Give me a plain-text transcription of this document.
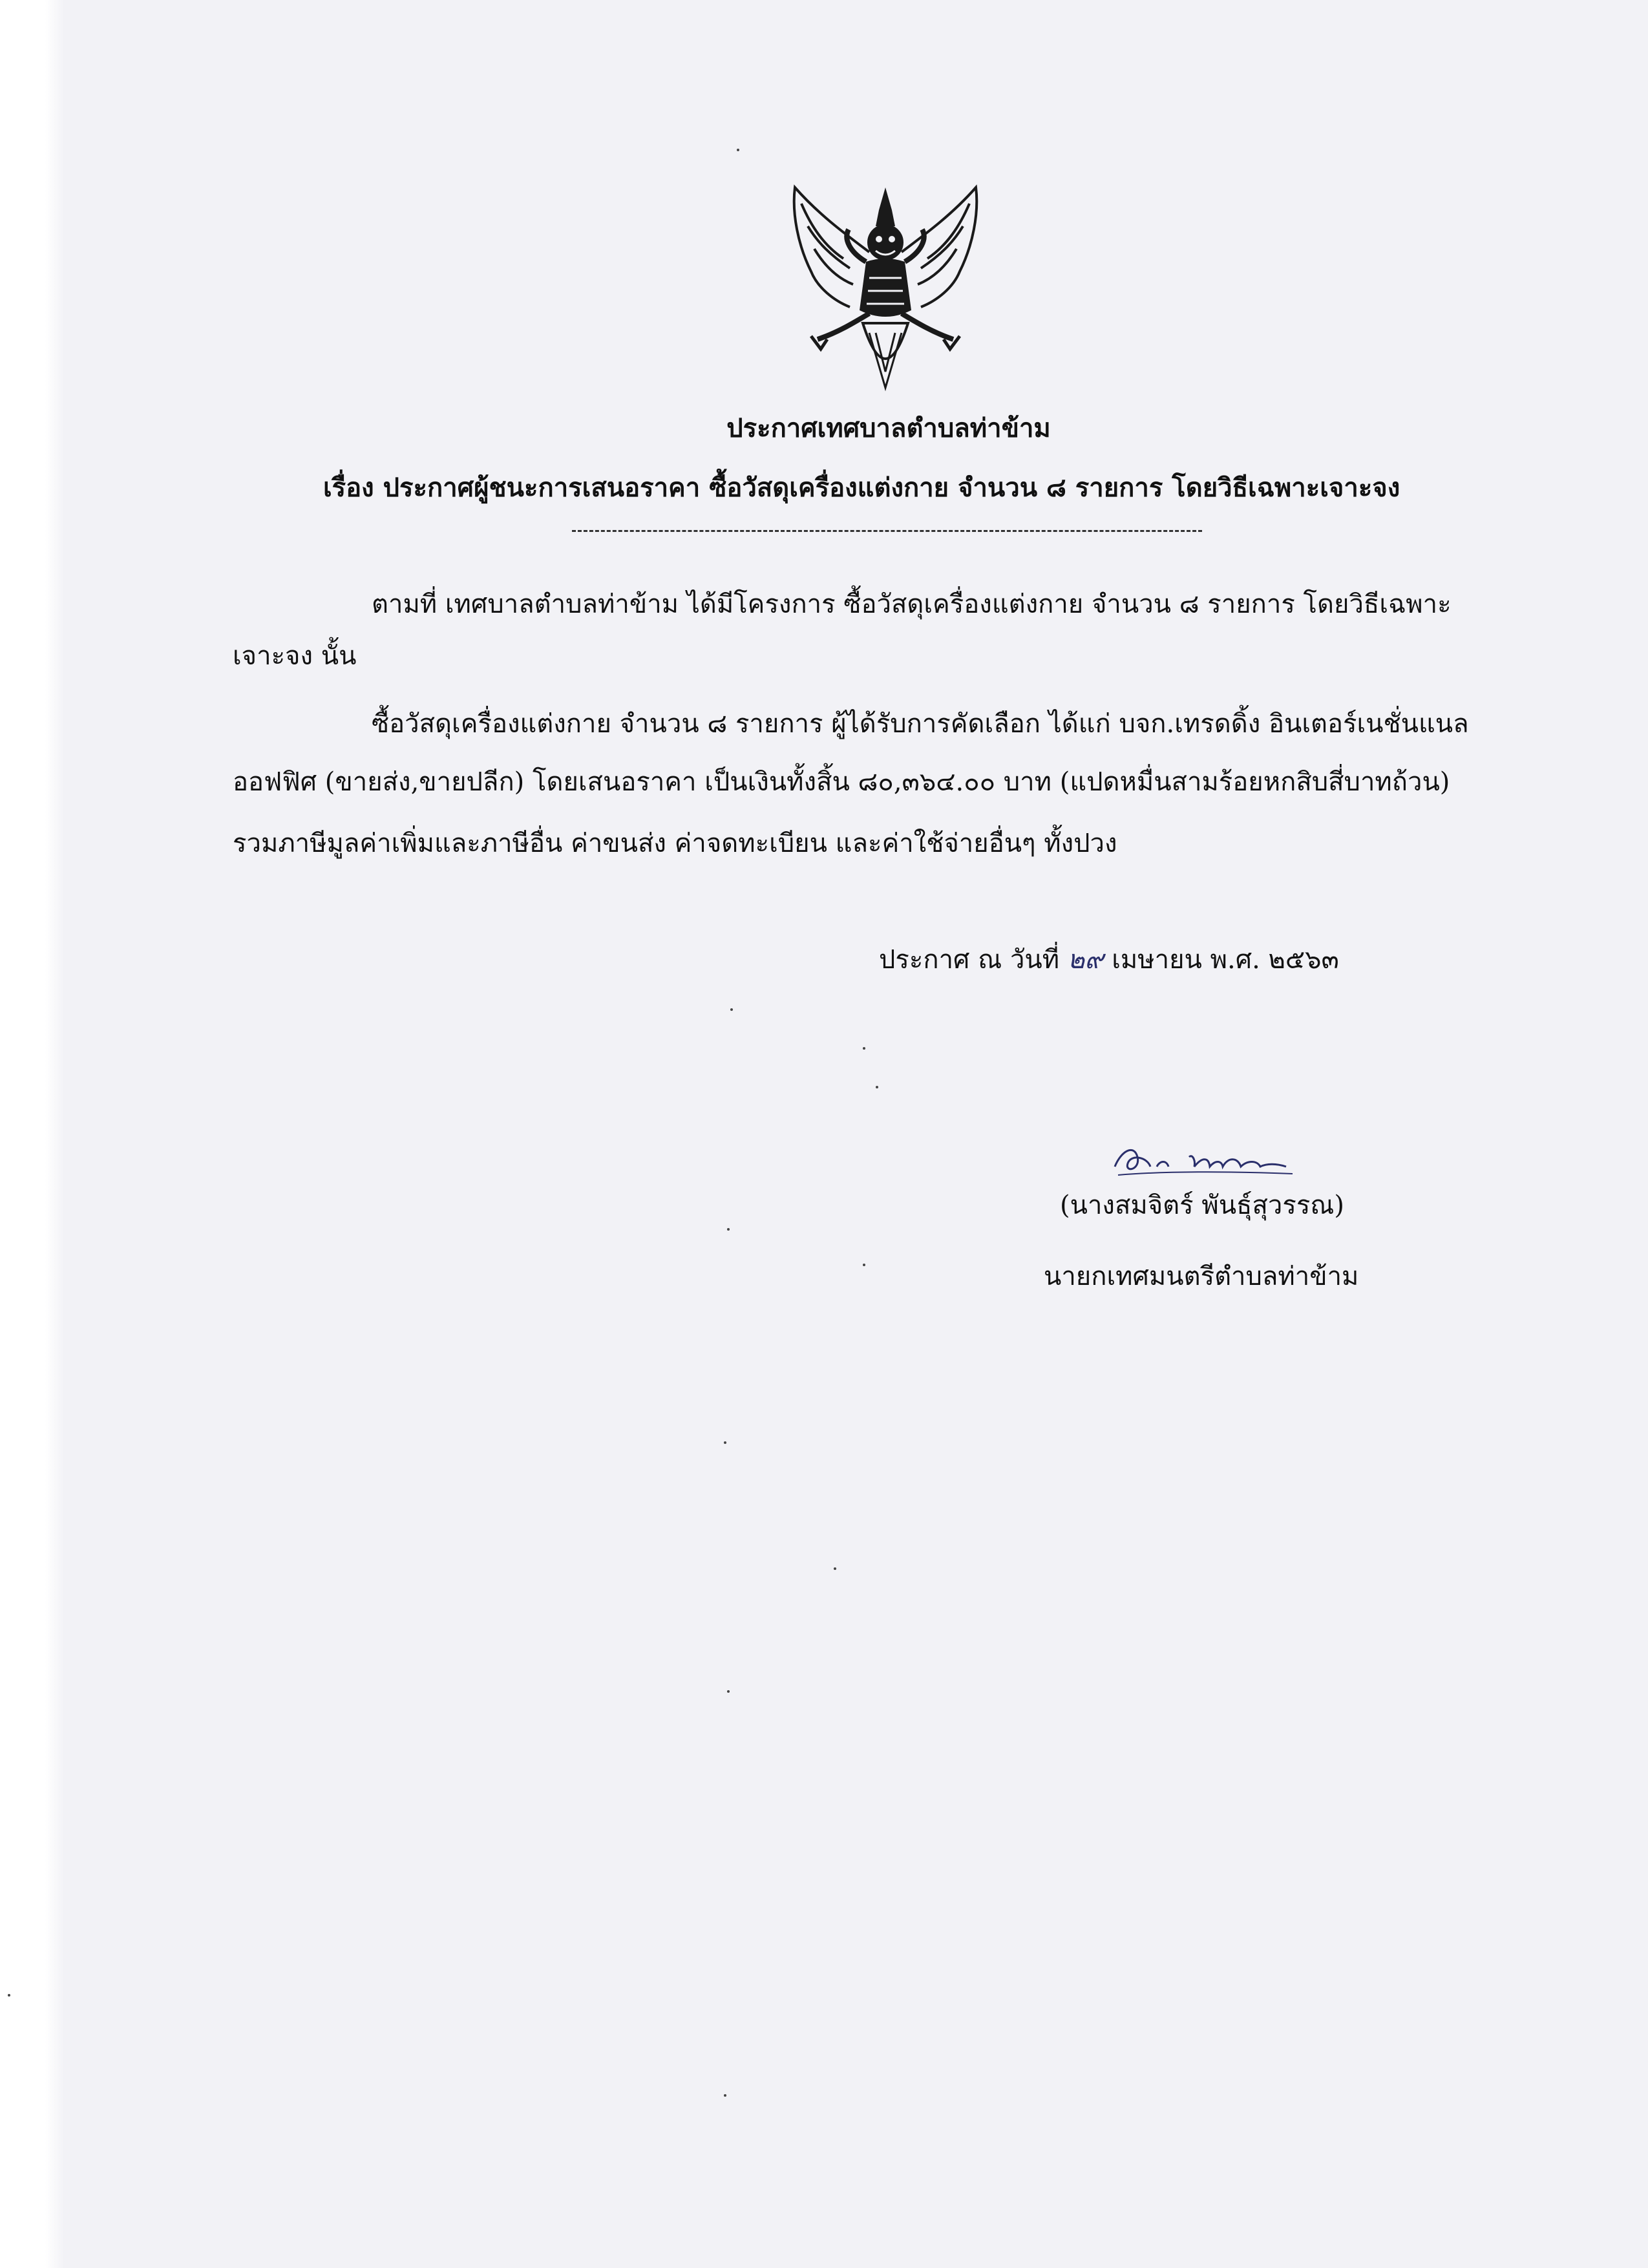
ประกาศเทศบาลตำบลท่าข้าม
เรื่อง ประกาศผู้ชนะการเสนอราคา ซื้อวัสดุเครื่องแต่งกาย จำนวน ๘ รายการ โดยวิธีเฉพาะเจาะจง
ตามที่ เทศบาลตำบลท่าข้าม ได้มีโครงการ ซื้อวัสดุเครื่องแต่งกาย จำนวน ๘ รายการ โดยวิธีเฉพาะ
เจาะจง นั้น
ซื้อวัสดุเครื่องแต่งกาย จำนวน ๘ รายการ ผู้ได้รับการคัดเลือก ได้แก่ บจก.เทรดดิ้ง อินเตอร์เนชั่นแนล
ออฟฟิศ (ขายส่ง,ขายปลีก) โดยเสนอราคา เป็นเงินทั้งสิ้น ๘๐,๓๖๔.๐๐ บาท (แปดหมื่นสามร้อยหกสิบสี่บาทถ้วน)
รวมภาษีมูลค่าเพิ่มและภาษีอื่น ค่าขนส่ง ค่าจดทะเบียน และค่าใช้จ่ายอื่นๆ ทั้งปวง
ประกาศ ณ วันที่ ๒๙ เมษายน พ.ศ. ๒๕๖๓
(นางสมจิตร์ พันธุ์สุวรรณ)
นายกเทศมนตรีตำบลท่าข้าม
